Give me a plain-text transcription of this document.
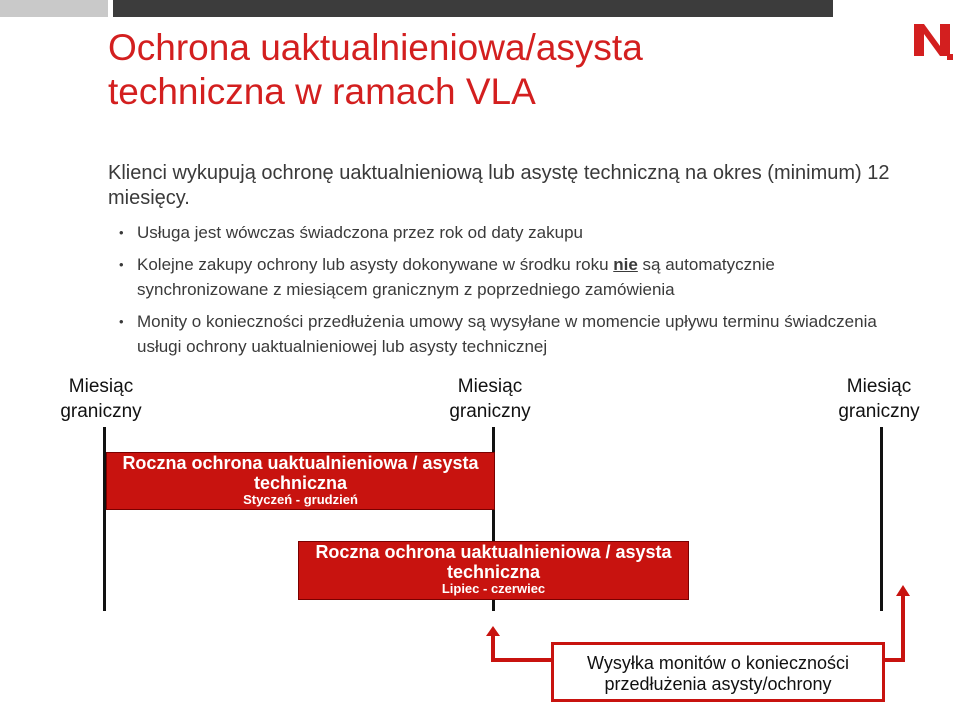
Ochrona uaktualnieniowa/asysta techniczna w ramach VLA
Klienci wykupują ochronę uaktualnieniową lub asystę techniczną na okres (minimum) 12 miesięcy.
• Usługa jest wówczas świadczona przez rok od daty zakupu
• Kolejne zakupy ochrony lub asysty dokonywane w środku roku nie są automatycznie synchronizowane z miesiącem granicznym z poprzedniego zamówienia
• Monity o konieczności przedłużenia umowy są wysyłane w momencie upływu terminu świadczenia usługi ochrony uaktualnieniowej lub asysty technicznej
Miesiąc graniczny
Miesiąc graniczny
Miesiąc graniczny
Roczna ochrona uaktualnieniowa / asysta techniczna
Styczeń - grudzień
Roczna ochrona uaktualnieniowa / asysta techniczna
Lipiec - czerwiec
Wysyłka monitów o konieczności przedłużenia asysty/ochrony
